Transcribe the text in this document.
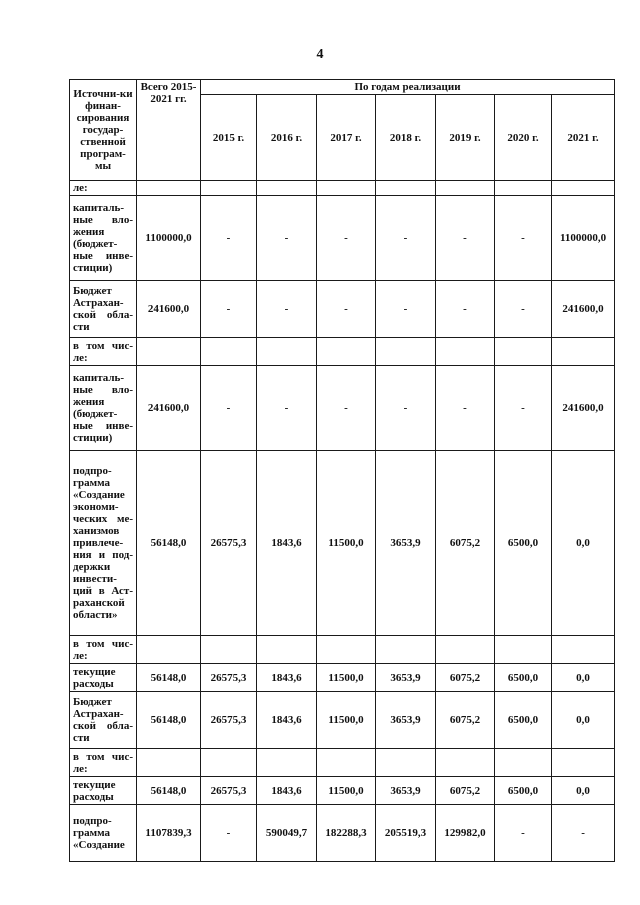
4
Источни-ки финан-сирования государ-ственной програм-мы	Всего 2015-2021 гг.	По годам реализации						
		2015 г.	2016 г.	2017 г.	2018 г.	2019 г.	2020 г.	2021 г.
ле:								
капиталь-ные вло-жения (бюджет-ные инве-стиции)	1100000,0	-	-	-	-	-	-	1100000,0
Бюджет Астрахан-ской обла-сти	241600,0	-	-	-	-	-	-	241600,0
в том чис-ле:								
капиталь-ные вло-жения (бюджет-ные инве-стиции)	241600,0	-	-	-	-	-	-	241600,0
подпро-грамма «Создание экономи-ческих ме-ханизмов привлече-ния и под-держки инвести-ций в Аст-раханской области»	56148,0	26575,3	1843,6	11500,0	3653,9	6075,2	6500,0	0,0
в том чис-ле:								
текущие расходы	56148,0	26575,3	1843,6	11500,0	3653,9	6075,2	6500,0	0,0
Бюджет Астрахан-ской обла-сти	56148,0	26575,3	1843,6	11500,0	3653,9	6075,2	6500,0	0,0
в том чис-ле:								
текущие расходы	56148,0	26575,3	1843,6	11500,0	3653,9	6075,2	6500,0	0,0
подпро-грамма «Создание	1107839,3	-	590049,7	182288,3	205519,3	129982,0	-	-
